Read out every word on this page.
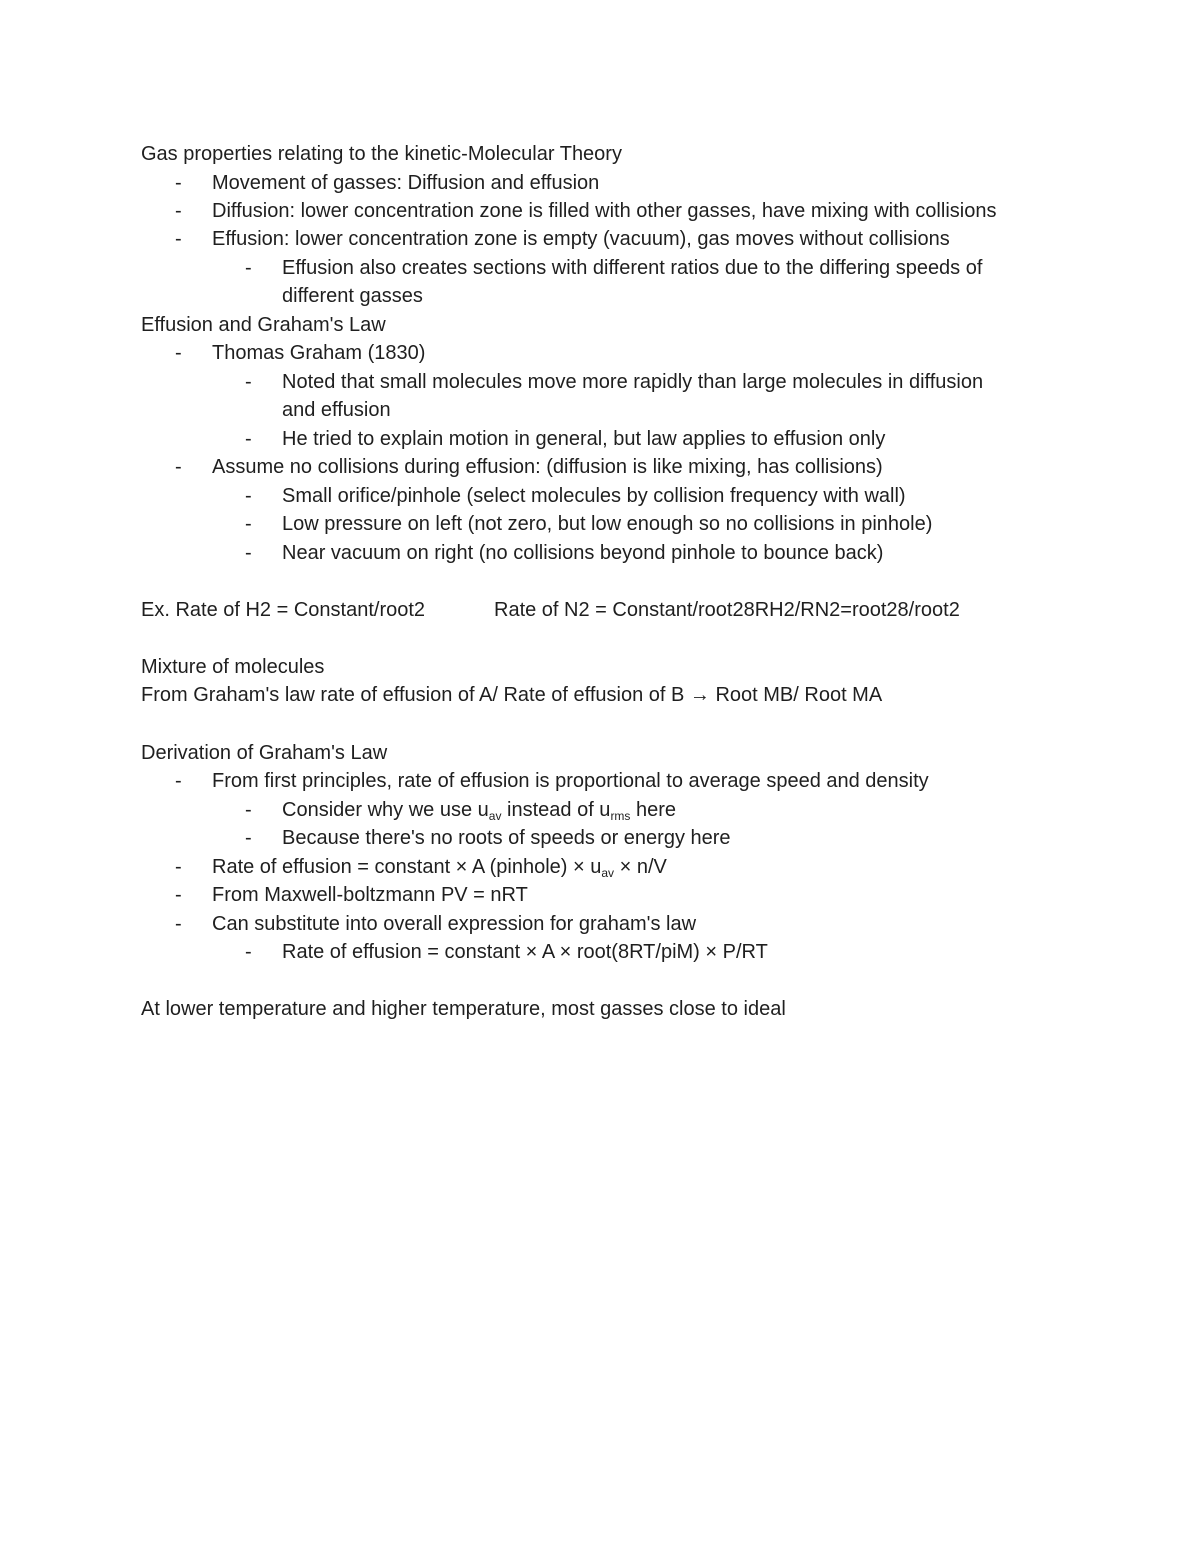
Gas properties relating to the kinetic-Molecular Theory
- Movement of gasses: Diffusion and effusion
- Diffusion: lower concentration zone is filled with other gasses, have mixing with collisions
- Effusion: lower concentration zone is empty (vacuum), gas moves without collisions
- Effusion also creates sections with different ratios due to the differing speeds of
different gasses
Effusion and Graham's Law
- Thomas Graham (1830)
- Noted that small molecules move more rapidly than large molecules in diffusion
and effusion
- He tried to explain motion in general, but law applies to effusion only
- Assume no collisions during effusion: (diffusion is like mixing, has collisions)
- Small orifice/pinhole (select molecules by collision frequency with wall)
- Low pressure on left (not zero, but low enough so no collisions in pinhole)
- Near vacuum on right (no collisions beyond pinhole to bounce back)
Ex. Rate of H2 = Constant/root2	Rate of N2 = Constant/root28RH2/RN2=root28/root2
Mixture of molecules
From Graham's law rate of effusion of A/ Rate of effusion of B → Root MB/ Root MA
Derivation of Graham's Law
- From first principles, rate of effusion is proportional to average speed and density
- Consider why we use $u_{av}$ instead of $u_{rms}$ here
- Because there's no roots of speeds or energy here
- Rate of effusion = constant × A (pinhole) × $u_{av} \times n/V$
- From Maxwell-boltzmann PV = nRT
- Can substitute into overall expression for graham's law
- Rate of effusion = constant × A × root(8RT/piM) × P/RT
At lower temperature and higher temperature, most gasses close to ideal
